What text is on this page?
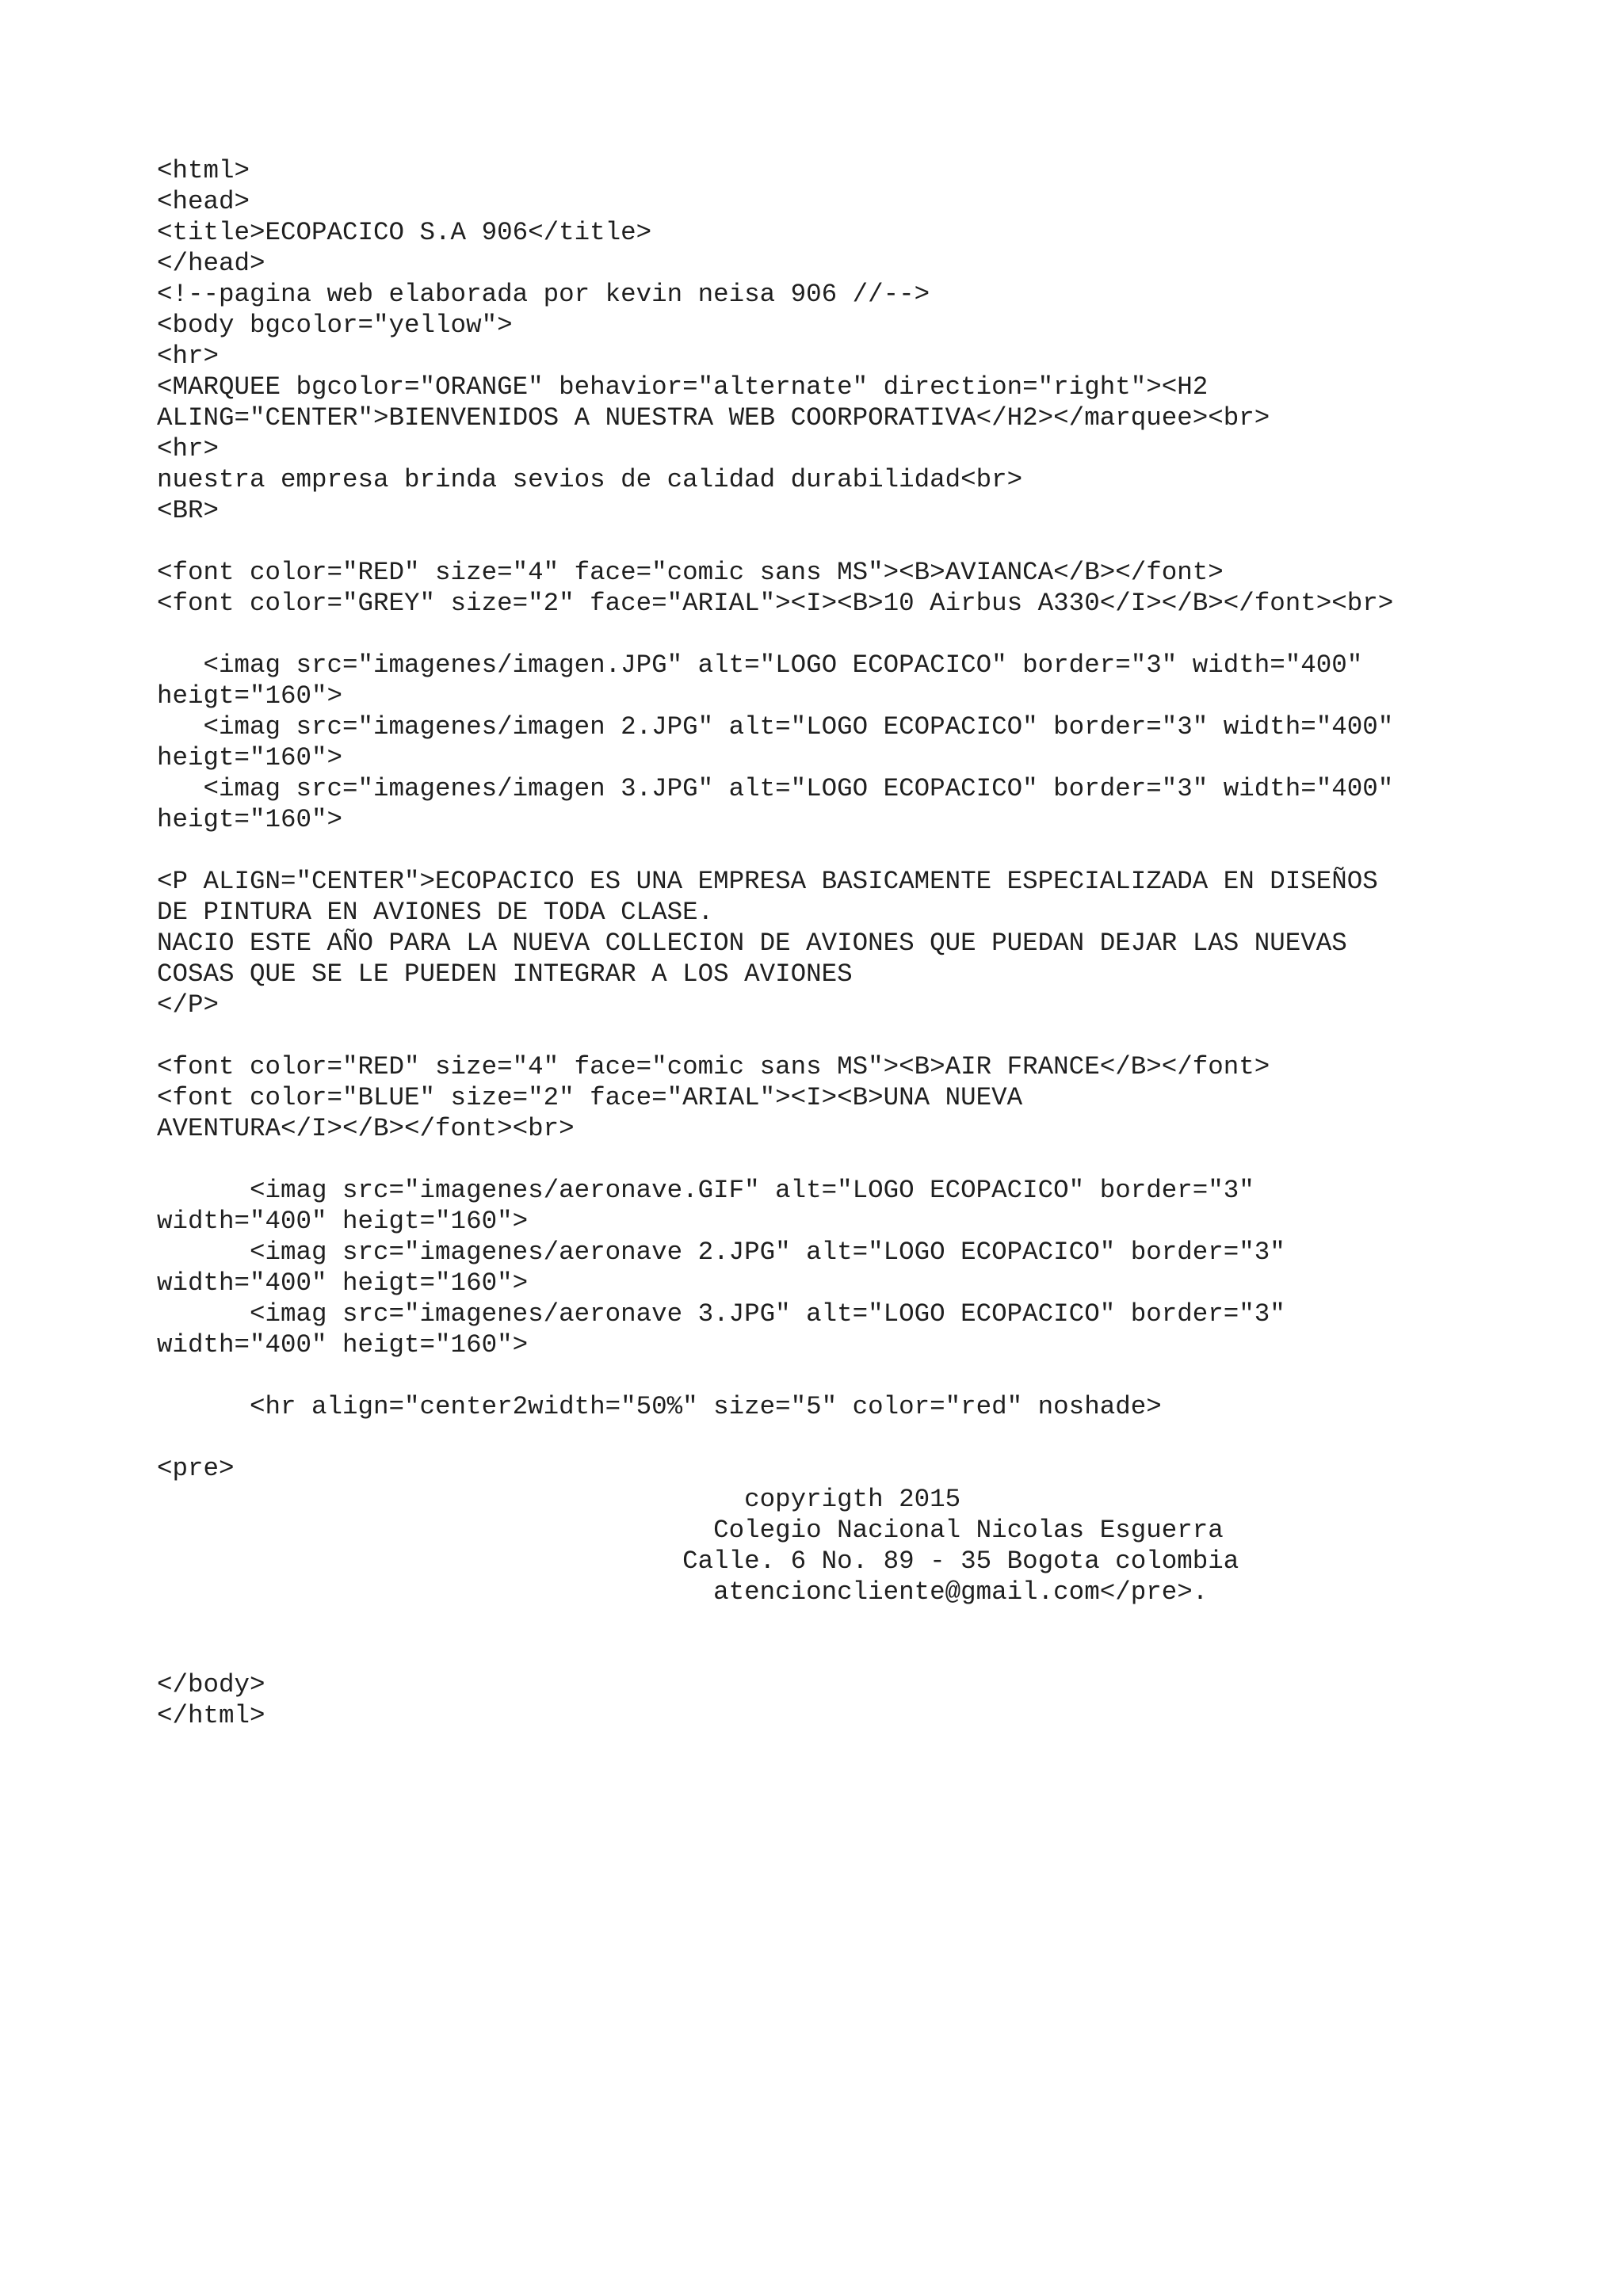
<html>
<head>
<title>ECOPACICO S.A 906</title>
</head>
<!--pagina web elaborada por kevin neisa 906 //-->
<body bgcolor="yellow">
<hr>
<MARQUEE bgcolor="ORANGE" behavior="alternate" direction="right"><H2
ALING="CENTER">BIENVENIDOS A NUESTRA WEB COORPORATIVA</H2></marquee><br>
<hr>
nuestra empresa brinda sevios de calidad durabilidad<br>
<BR>
<font color="RED" size="4" face="comic sans MS"><B>AVIANCA</B></font>
<font color="GREY" size="2" face="ARIAL"><I><B>10 Airbus A330</I></B></font><br>
<imag src="imagenes/imagen.JPG" alt="LOGO ECOPACICO" border="3" width="400"
heigt="160">
<imag src="imagenes/imagen 2.JPG" alt="LOGO ECOPACICO" border="3" width="400"
heigt="160">
<imag src="imagenes/imagen 3.JPG" alt="LOGO ECOPACICO" border="3" width="400"
heigt="160">
<P ALIGN="CENTER">ECOPACICO ES UNA EMPRESA BASICAMENTE ESPECIALIZADA EN DISEÑOS
DE PINTURA EN AVIONES DE TODA CLASE.
NACIO ESTE AÑO PARA LA NUEVA COLLECION DE AVIONES QUE PUEDAN DEJAR LAS NUEVAS
COSAS QUE SE LE PUEDEN INTEGRAR A LOS AVIONES
</P>
<font color="RED" size="4" face="comic sans MS"><B>AIR FRANCE</B></font>
<font color="BLUE" size="2" face="ARIAL"><I><B>UNA NUEVA
AVENTURA</I></B></font><br>
<imag src="imagenes/aeronave.GIF" alt="LOGO ECOPACICO" border="3"
width="400" heigt="160">
<imag src="imagenes/aeronave 2.JPG" alt="LOGO ECOPACICO" border="3"
width="400" heigt="160">
<imag src="imagenes/aeronave 3.JPG" alt="LOGO ECOPACICO" border="3"
width="400" heigt="160">
<hr align="center2width="50%" size="5" color="red" noshade>
<pre>
copyrigth 2015
Colegio Nacional Nicolas Esguerra
Calle. 6 No. 89 - 35 Bogota colombia
atencioncliente@gmail.com</pre>.
</body>
</html>
